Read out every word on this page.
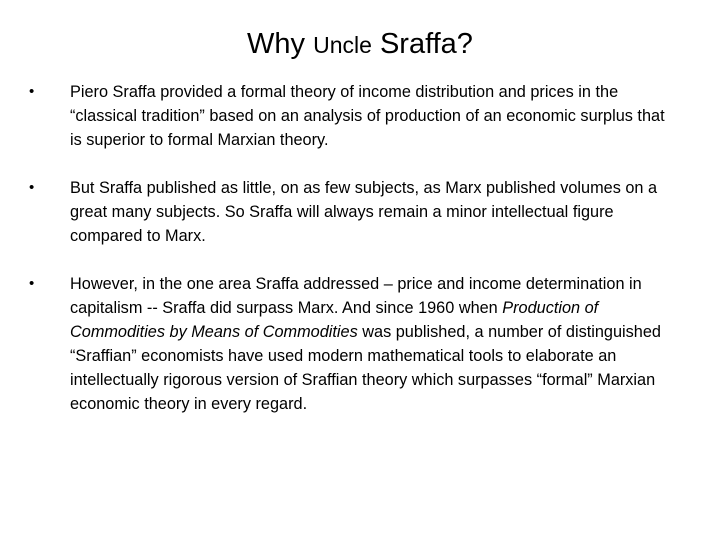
Why Uncle Sraffa?
• Piero Sraffa provided a formal theory of income distribution and prices in the “classical tradition” based on an analysis of production of an economic surplus that is superior to formal Marxian theory.
• But Sraffa published as little, on as few subjects, as Marx published volumes on a great many subjects. So Sraffa will always remain a minor intellectual figure compared to Marx.
• However, in the one area Sraffa addressed – price and income determination in capitalism -- Sraffa did surpass Marx. And since 1960 when Production of Commodities by Means of Commodities was published, a number of distinguished “Sraffian” economists have used modern mathematical tools to elaborate an intellectually rigorous version of Sraffian theory which surpasses “formal” Marxian economic theory in every regard.
